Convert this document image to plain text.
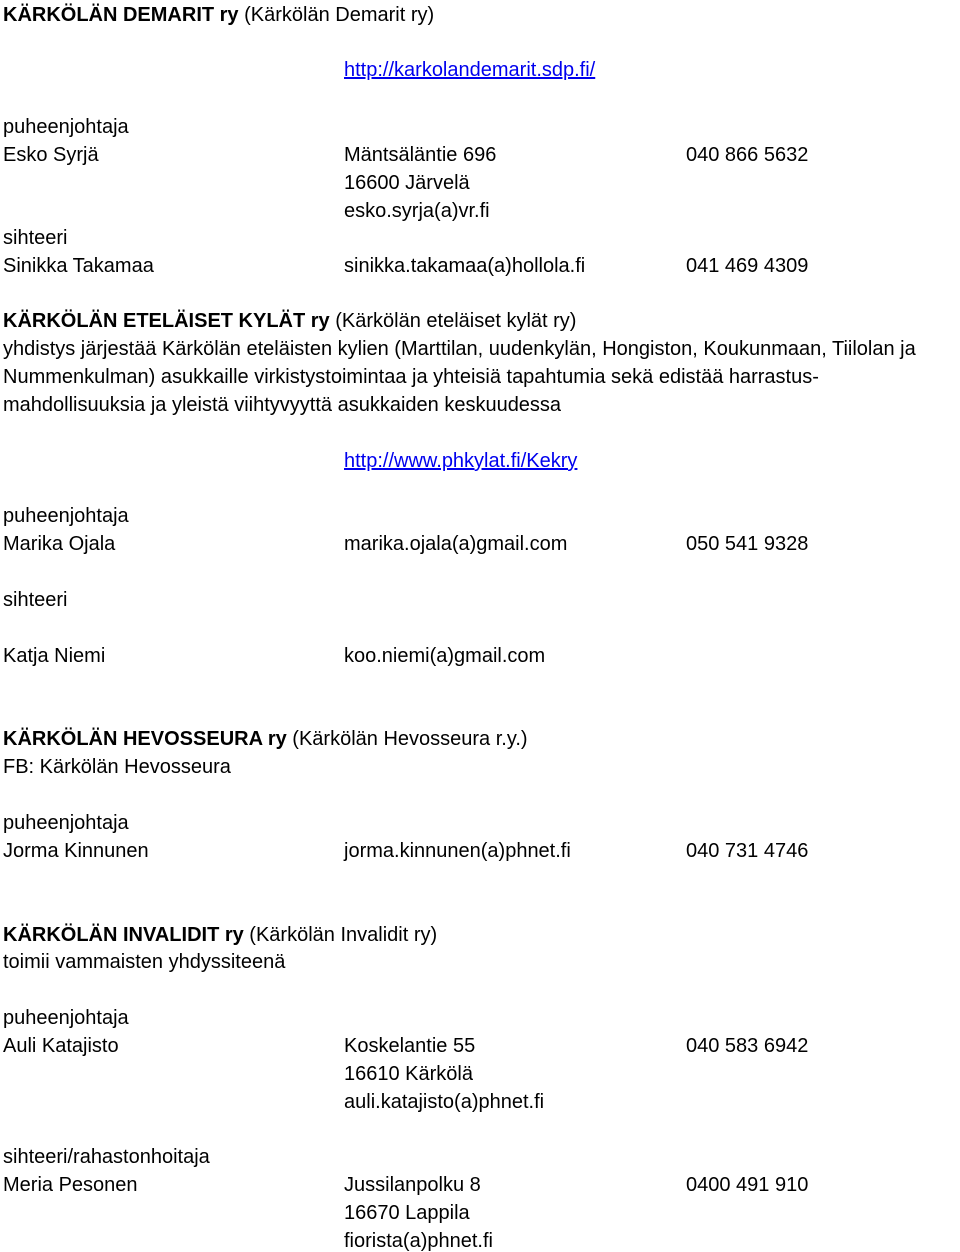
KÄRKÖLÄN DEMARIT ry (Kärkölän Demarit ry)
http://karkolandemarit.sdp.fi/
puheenjohtaja
Esko Syrjä	Mäntsäläntie 696	040 866 5632
16600 Järvelä
esko.syrja(a)vr.fi
sihteeri
Sinikka Takamaa	sinikka.takamaa(a)hollola.fi	041 469 4309
KÄRKÖLÄN ETELÄISET KYLÄT ry (Kärkölän eteläiset kylät ry)
yhdistys järjestää Kärkölän eteläisten kylien (Marttilan, uudenkylän, Hongiston, Koukunmaan, Tiilolan ja
Nummenkulman) asukkaille virkistystoimintaa ja yhteisiä tapahtumia sekä edistää harrastus-
mahdollisuuksia ja yleistä viihtyvyyttä asukkaiden keskuudessa
http://www.phkylat.fi/Kekry
puheenjohtaja
Marika Ojala	marika.ojala(a)gmail.com	050 541 9328
sihteeri
Katja Niemi	koo.niemi(a)gmail.com
KÄRKÖLÄN HEVOSSEURA ry (Kärkölän Hevosseura r.y.)
FB: Kärkölän Hevosseura
puheenjohtaja
Jorma Kinnunen	jorma.kinnunen(a)phnet.fi	040 731 4746
KÄRKÖLÄN INVALIDIT ry (Kärkölän Invalidit ry)
toimii vammaisten yhdyssiteenä
puheenjohtaja
Auli Katajisto	Koskelantie 55	040 583 6942
16610 Kärkölä
auli.katajisto(a)phnet.fi
sihteeri/rahastonhoitaja
Meria Pesonen	Jussilanpolku 8	0400 491 910
16670 Lappila
fiorista(a)phnet.fi
